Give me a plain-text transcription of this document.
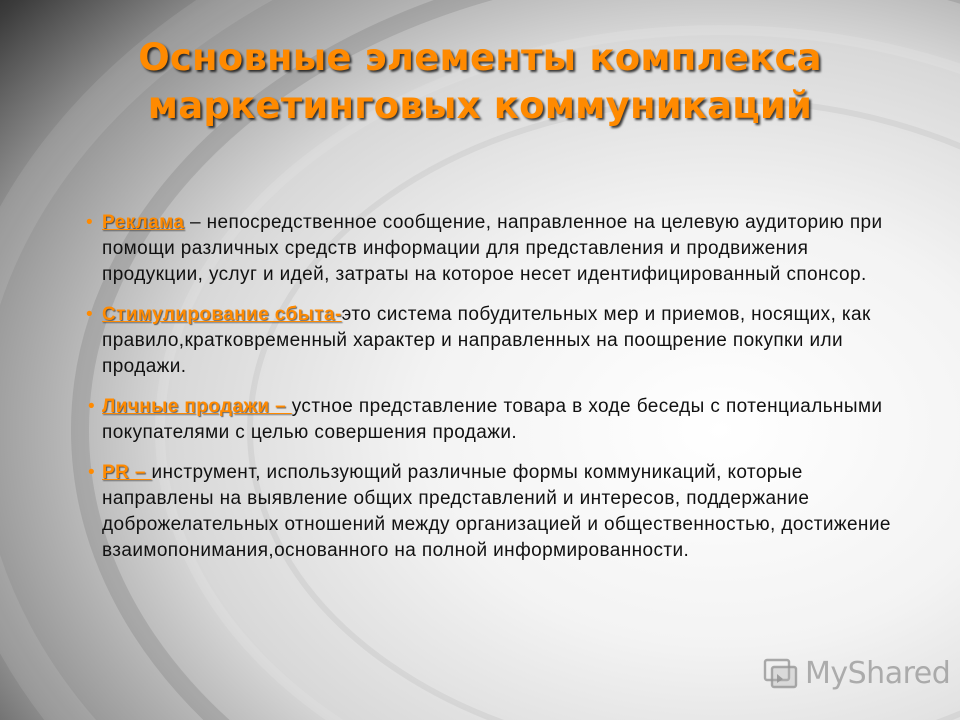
Основные элементы комплекса
маркетинговых коммуникаций
• Реклама – непосредственное сообщение, направленное на целевую аудиторию при помощи различных средств информации для представления и продвижения продукции, услуг и идей, затраты на которое несет идентифицированный спонсор.
• Стимулирование сбыта-это система побудительных мер и приемов, носящих, как правило,кратковременный характер и направленных на поощрение покупки или продажи.
• Личные продажи – устное представление товара в ходе беседы с потенциальными покупателями с целью совершения продажи.
• PR – инструмент, использующий различные формы коммуникаций, которые направлены на выявление общих представлений и интересов, поддержание доброжелательных отношений между организацией и общественностью, достижение взаимопонимания,основанного на полной информированности.
MyShared
